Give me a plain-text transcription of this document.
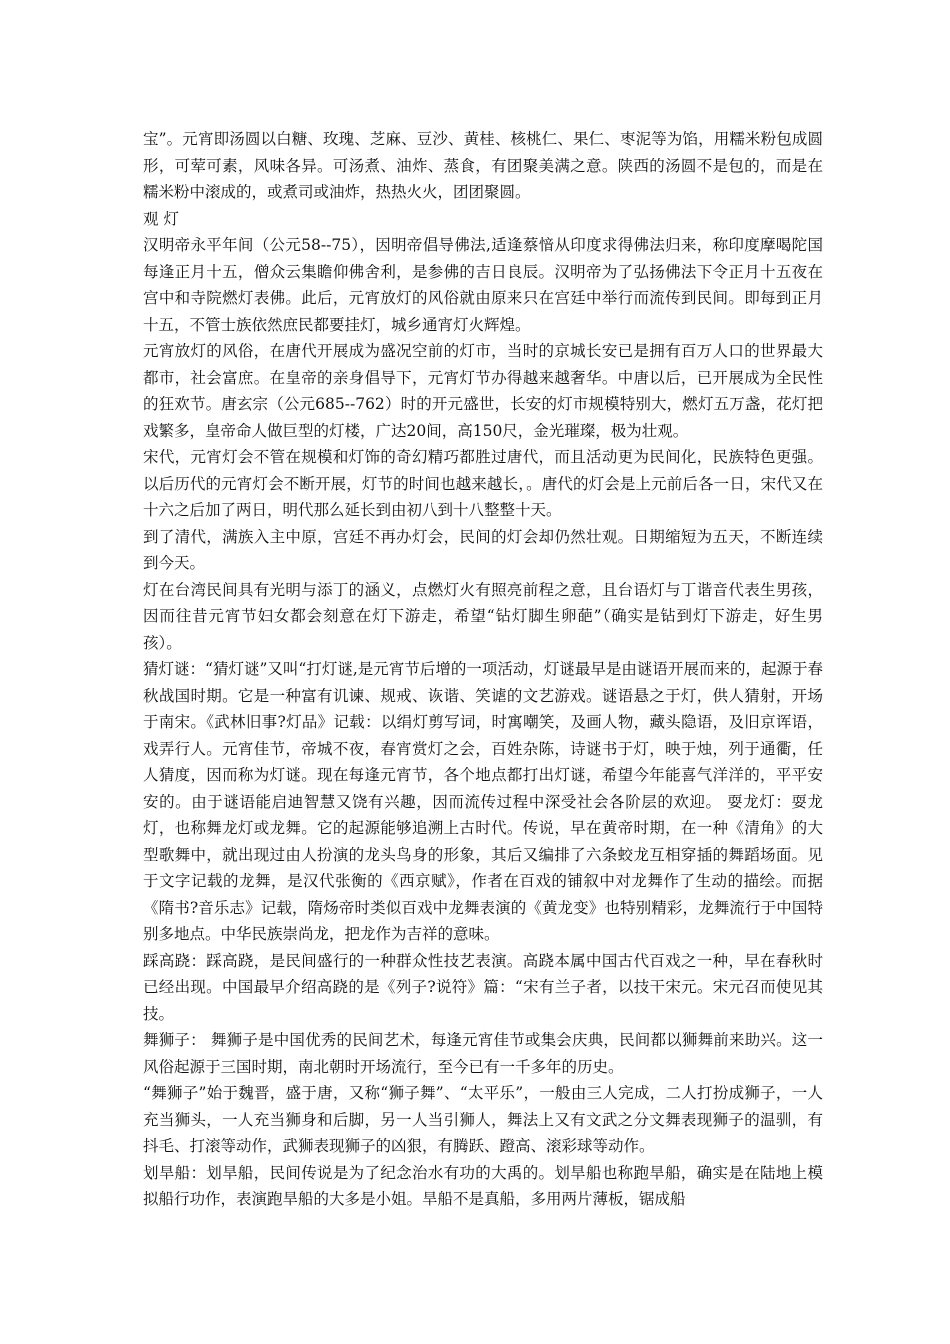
宝”。元宵即汤圆以白糖、玫瑰、芝麻、豆沙、黄桂、核桃仁、果仁、枣泥等为馅，用糯米粉包成圆形，可荤可素，风味各异。可汤煮、油炸、蒸食，有团聚美满之意。陕西的汤圆不是包的，而是在糯米粉中滚成的，或煮司或油炸，热热火火，团团聚圆。

观 灯

汉明帝永平年间（公元58--75），因明帝倡导佛法,适逢蔡愔从印度求得佛法归来，称印度摩喝陀国每逢正月十五，僧众云集瞻仰佛舍利，是参佛的吉日良辰。汉明帝为了弘扬佛法下令正月十五夜在宫中和寺院燃灯表佛。此后，元宵放灯的风俗就由原来只在宫廷中举行而流传到民间。即每到正月十五，不管士族依然庶民都要挂灯，城乡通宵灯火辉煌。

元宵放灯的风俗，在唐代开展成为盛况空前的灯市，当时的京城长安已是拥有百万人口的世界最大都市，社会富庶。在皇帝的亲身倡导下，元宵灯节办得越来越奢华。中唐以后，已开展成为全民性的狂欢节。唐玄宗（公元685--762）时的开元盛世，长安的灯市规模特别大，燃灯五万盏，花灯把戏繁多，皇帝命人做巨型的灯楼，广达20间，高150尺，金光璀璨，极为壮观。

宋代，元宵灯会不管在规模和灯饰的奇幻精巧都胜过唐代，而且活动更为民间化，民族特色更强。以后历代的元宵灯会不断开展，灯节的时间也越来越长，。唐代的灯会是上元前后各一日，宋代又在十六之后加了两日，明代那么延长到由初八到十八整整十天。

到了清代，满族入主中原，宫廷不再办灯会，民间的灯会却仍然壮观。日期缩短为五天，不断连续到今天。

灯在台湾民间具有光明与添丁的涵义，点燃灯火有照亮前程之意，且台语灯与丁谐音代表生男孩，因而往昔元宵节妇女都会刻意在灯下游走，希望“钻灯脚生卵葩”（确实是钻到灯下游走，好生男孩）。

猜灯谜：“猜灯谜”又叫“打灯谜,是元宵节后增的一项活动，灯谜最早是由谜语开展而来的，起源于春秋战国时期。它是一种富有讥谏、规戒、诙谐、笑谑的文艺游戏。谜语悬之于灯，供人猜射，开场于南宋。《武林旧事?灯品》记载：以绢灯剪写词，时寓嘲笑，及画人物，藏头隐语，及旧京诨语，戏弄行人。元宵佳节，帝城不夜，春宵赏灯之会，百姓杂陈，诗谜书于灯，映于烛，列于通衢，任人猜度，因而称为灯谜。现在每逢元宵节，各个地点都打出灯谜，希望今年能喜气洋洋的，平平安安的。由于谜语能启迪智慧又饶有兴趣，因而流传过程中深受社会各阶层的欢迎。 耍龙灯：耍龙灯，也称舞龙灯或龙舞。它的起源能够追溯上古时代。传说，早在黄帝时期，在一种《清角》的大型歌舞中，就出现过由人扮演的龙头鸟身的形象，其后又编排了六条蛟龙互相穿插的舞蹈场面。见于文字记载的龙舞，是汉代张衡的《西京赋》，作者在百戏的铺叙中对龙舞作了生动的描绘。而据《隋书?音乐志》记载，隋炀帝时类似百戏中龙舞表演的《黄龙变》也特别精彩，龙舞流行于中国特别多地点。中华民族崇尚龙，把龙作为吉祥的意味。

踩高跷：踩高跷，是民间盛行的一种群众性技艺表演。高跷本属中国古代百戏之一种，早在春秋时已经出现。中国最早介绍高跷的是《列子?说符》篇：“宋有兰子者，以技干宋元。宋元召而使见其技。

舞狮子： 舞狮子是中国优秀的民间艺术，每逢元宵佳节或集会庆典，民间都以狮舞前来助兴。这一风俗起源于三国时期，南北朝时开场流行，至今已有一千多年的历史。

“舞狮子”始于魏晋，盛于唐，又称“狮子舞”、“太平乐”，一般由三人完成，二人打扮成狮子，一人充当狮头，一人充当狮身和后脚，另一人当引狮人，舞法上又有文武之分文舞表现狮子的温驯，有抖毛、打滚等动作，武狮表现狮子的凶狠，有腾跃、蹬高、滚彩球等动作。

划旱船：划旱船，民间传说是为了纪念治水有功的大禹的。划旱船也称跑旱船，确实是在陆地上模拟船行功作，表演跑旱船的大多是小姐。旱船不是真船，多用两片薄板，锯成船
